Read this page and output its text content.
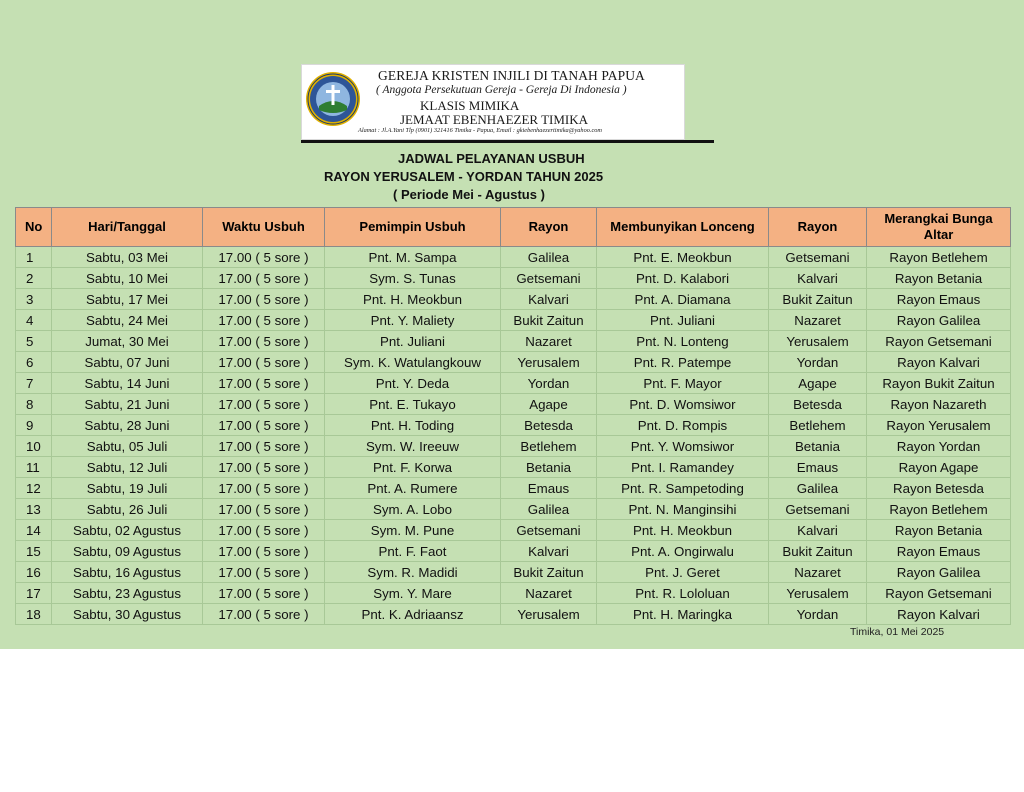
GEREJA KRISTEN INJILI DI TANAH PAPUA
( Anggota Persekutuan Gereja - Gereja Di Indonesia )
KLASIS MIMIKA
JEMAAT EBENHAEZER TIMIKA
Alamat : Jl.A.Yani Tlp (0901) 321416 Timika - Papua, Email : gkiebenhaezertimika@yahoo.com
JADWAL PELAYANAN USBUH
RAYON YERUSALEM - YORDAN TAHUN 2025
( Periode Mei - Agustus )
No	Hari/Tanggal	Waktu Usbuh	Pemimpin Usbuh	Rayon	Membunyikan Lonceng	Rayon	Merangkai Bunga Altar
1	Sabtu, 03 Mei	17.00 ( 5 sore )	Pnt. M. Sampa	Galilea	Pnt. E. Meokbun	Getsemani	Rayon Betlehem
2	Sabtu, 10 Mei	17.00 ( 5 sore )	Sym. S. Tunas	Getsemani	Pnt. D. Kalabori	Kalvari	Rayon Betania
3	Sabtu, 17 Mei	17.00 ( 5 sore )	Pnt. H. Meokbun	Kalvari	Pnt. A. Diamana	Bukit Zaitun	Rayon Emaus
4	Sabtu, 24 Mei	17.00 ( 5 sore )	Pnt. Y. Maliety	Bukit Zaitun	Pnt. Juliani	Nazaret	Rayon Galilea
5	Jumat, 30 Mei	17.00 ( 5 sore )	Pnt. Juliani	Nazaret	Pnt. N. Lonteng	Yerusalem	Rayon Getsemani
6	Sabtu, 07 Juni	17.00 ( 5 sore )	Sym. K. Watulangkouw	Yerusalem	Pnt. R. Patempe	Yordan	Rayon Kalvari
7	Sabtu, 14 Juni	17.00 ( 5 sore )	Pnt. Y. Deda	Yordan	Pnt. F. Mayor	Agape	Rayon Bukit Zaitun
8	Sabtu, 21 Juni	17.00 ( 5 sore )	Pnt. E. Tukayo	Agape	Pnt. D. Womsiwor	Betesda	Rayon Nazareth
9	Sabtu, 28 Juni	17.00 ( 5 sore )	Pnt. H. Toding	Betesda	Pnt. D. Rompis	Betlehem	Rayon Yerusalem
10	Sabtu, 05 Juli	17.00 ( 5 sore )	Sym. W. Ireeuw	Betlehem	Pnt. Y. Womsiwor	Betania	Rayon Yordan
11	Sabtu, 12 Juli	17.00 ( 5 sore )	Pnt. F. Korwa	Betania	Pnt. I. Ramandey	Emaus	Rayon Agape
12	Sabtu, 19 Juli	17.00 ( 5 sore )	Pnt. A. Rumere	Emaus	Pnt. R. Sampetoding	Galilea	Rayon Betesda
13	Sabtu, 26 Juli	17.00 ( 5 sore )	Sym. A. Lobo	Galilea	Pnt. N. Manginsihi	Getsemani	Rayon Betlehem
14	Sabtu, 02 Agustus	17.00 ( 5 sore )	Sym. M. Pune	Getsemani	Pnt. H. Meokbun	Kalvari	Rayon Betania
15	Sabtu, 09 Agustus	17.00 ( 5 sore )	Pnt. F. Faot	Kalvari	Pnt. A. Ongirwalu	Bukit Zaitun	Rayon Emaus
16	Sabtu, 16 Agustus	17.00 ( 5 sore )	Sym. R. Madidi	Bukit Zaitun	Pnt. J. Geret	Nazaret	Rayon Galilea
17	Sabtu, 23 Agustus	17.00 ( 5 sore )	Sym. Y. Mare	Nazaret	Pnt. R. Lololuan	Yerusalem	Rayon Getsemani
18	Sabtu, 30 Agustus	17.00 ( 5 sore )	Pnt. K. Adriaansz	Yerusalem	Pnt. H. Maringka	Yordan	Rayon Kalvari
Timika, 01 Mei 2025
